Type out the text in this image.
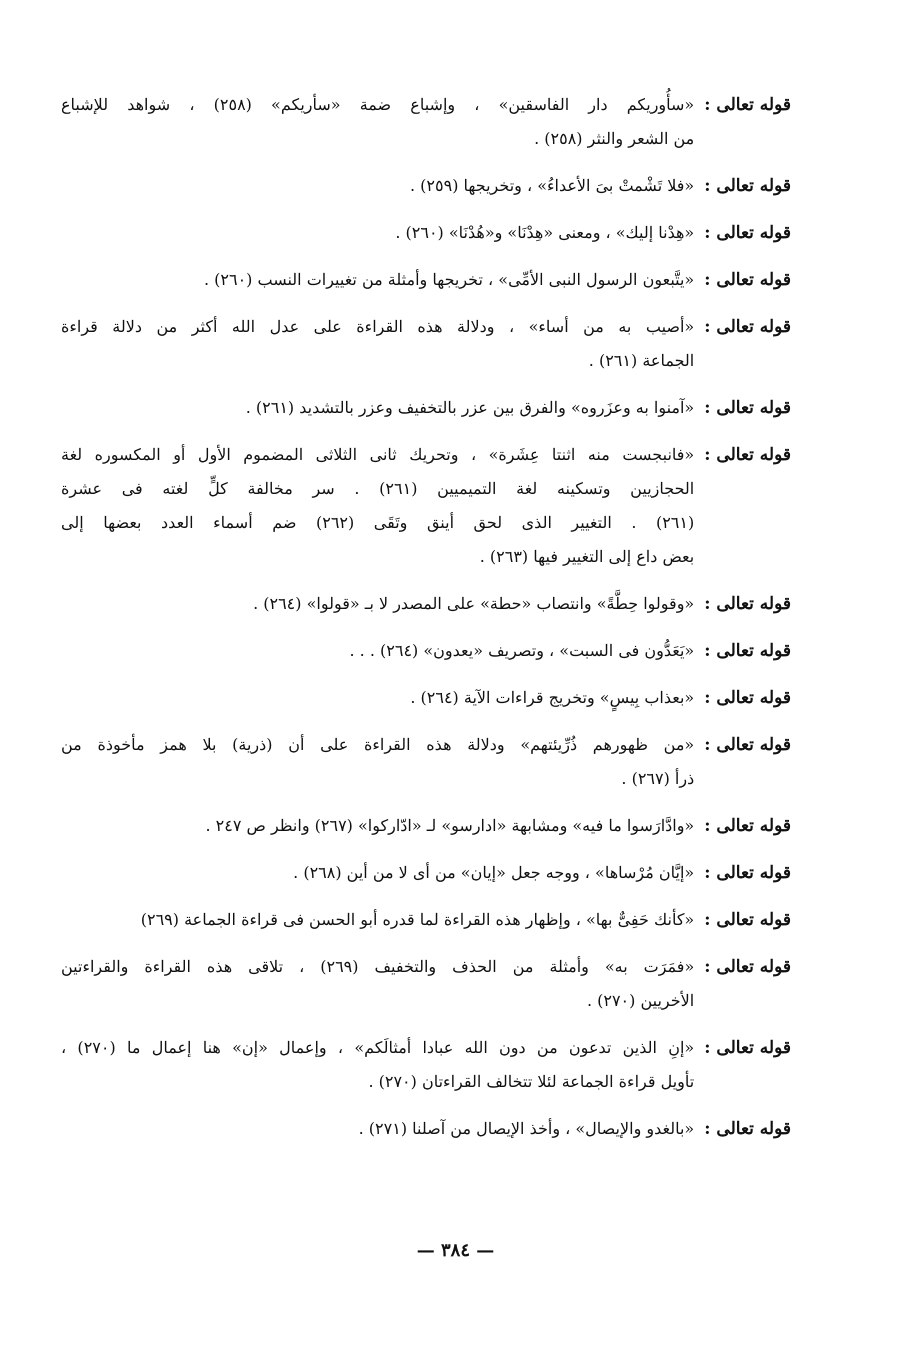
قوله تعالى :
«سأُوريكم دار الفاسقين» ، وإشباع ضمة «سأريكم» (٢٥٨) ، شواهد للإشباع
من الشعر والنثر (٢٥٨) .
قوله تعالى :
«فلا تَشْمتْ بىَ الأعداءُ» ، وتخريجها (٢٥٩) .
قوله تعالى :
«هِدْنا إليك» ، ومعنى «هِدْنَا» و«هُدْنَا» (٢٦٠) .
قوله تعالى :
«يتَّبعون الرسول النبى الأمِّى» ، تخريجها وأمثلة من تغييرات النسب (٢٦٠) .
قوله تعالى :
«أصيب به من أساء» ، ودلالة هذه القراءة على عدل الله أكثر من دلالة قراءة
الجماعة (٢٦١) .
قوله تعالى :
«آمنوا به وعزَروه» والفرق بين عزر بالتخفيف وعزر بالتشديد (٢٦١) .
قوله تعالى :
«فانبجست منه اثنتا عِشَرة» ، وتحريك ثانى الثلاثى المضموم الأول أو المكسوره لغة
الحجازيين وتسكينه لغة التميميين (٢٦١) . سر مخالفة كلٍّ لغته فى عشرة
(٢٦١) . التغيير الذى لحق أينق وتَقَى (٢٦٢) ضم أسماء العدد بعضها إلى
بعض داع إلى التغيير فيها (٢٦٣) .
قوله تعالى :
«وقولوا حِطَّةً» وانتصاب «حطة» على المصدر لا بـ «قولوا» (٢٦٤) .
قوله تعالى :
«يَعَدُّون فى السبت» ، وتصريف «يعدون» (٢٦٤) . . .
قوله تعالى :
«بعذاب بِيسٍ» وتخريج قراءات الآية (٢٦٤) .
قوله تعالى :
«من ظهورهم ذُرِّيئتهم» ودلالة هذه القراءة على أن (ذرية) بلا همز مأخوذة من
ذرأ (٢٦٧) .
قوله تعالى :
«وادَّارَسوا ما فيه» ومشابهة «ادارسو» لـ «ادّاركوا» (٢٦٧) وانظر ص ٢٤٧ .
قوله تعالى :
«إيَّان مُرْساها» ، ووجه جعل «إيان» من أى لا من أين (٢٦٨) .
قوله تعالى :
«كأنك حَفِىٌّ بها» ، وإظهار هذه القراءة لما قدره أبو الحسن فى قراءة الجماعة (٢٦٩)
قوله تعالى :
«فمَرَت به» وأمثلة من الحذف والتخفيف (٢٦٩) ، تلاقى هذه القراءة والقراءتين
الأخريين (٢٧٠) .
قوله تعالى :
«إنِ الذين تدعون من دون الله عبادا أمثالَكم» ، وإعمال «إن» هنا إعمال ما (٢٧٠) ،
تأويل قراءة الجماعة لئلا تتخالف القراءتان (٢٧٠) .
قوله تعالى :
«بالغدو والإيصال» ، وأخذ الإيصال من آصلنا (٢٧١) .
— ٣٨٤ —
